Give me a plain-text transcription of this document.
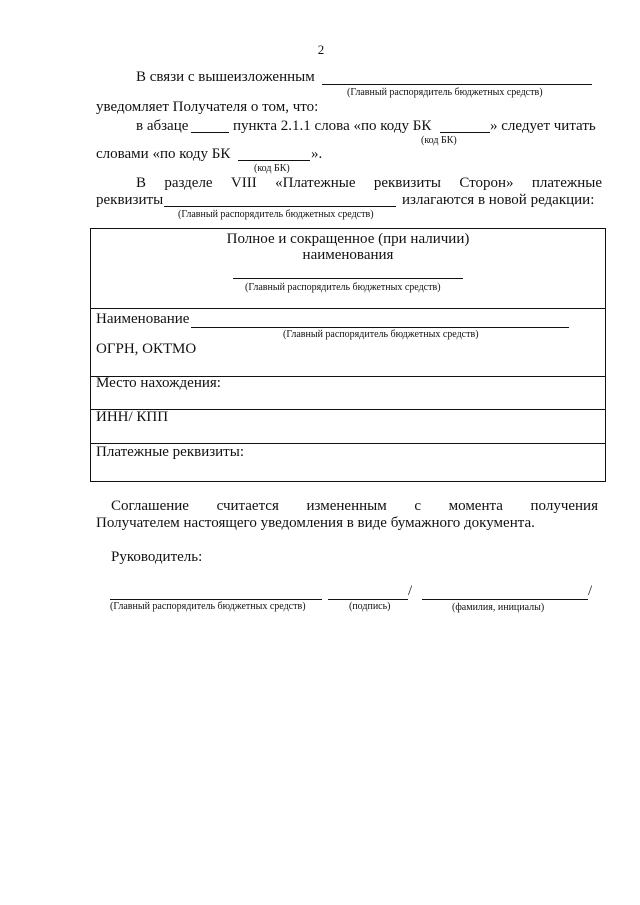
2
В связи с вышеизложенным
(Главный распорядитель бюджетных средств)
уведомляет Получателя о том, что:
в абзаце	пункта 2.1.1 слова «по коду БК	» следует читать
(код БК)
словами «по коду БК	».
(код БК)
В разделе VIII «Платежные реквизиты Сторон» платежные
реквизиты	излагаются в новой редакции:
(Главный распорядитель бюджетных средств)
Полное и сокращенное (при наличии)
наименования
(Главный распорядитель бюджетных средств)
Наименование
(Главный распорядитель бюджетных средств)
ОГРН, ОКТМО
Место нахождения:
ИНН/ КПП
Платежные реквизиты:
Соглашение считается измененным с момента получения
Получателем настоящего уведомления в виде бумажного документа.
Руководитель:
/	/
(Главный распорядитель бюджетных средств)	(подпись)	(фамилия, инициалы)
